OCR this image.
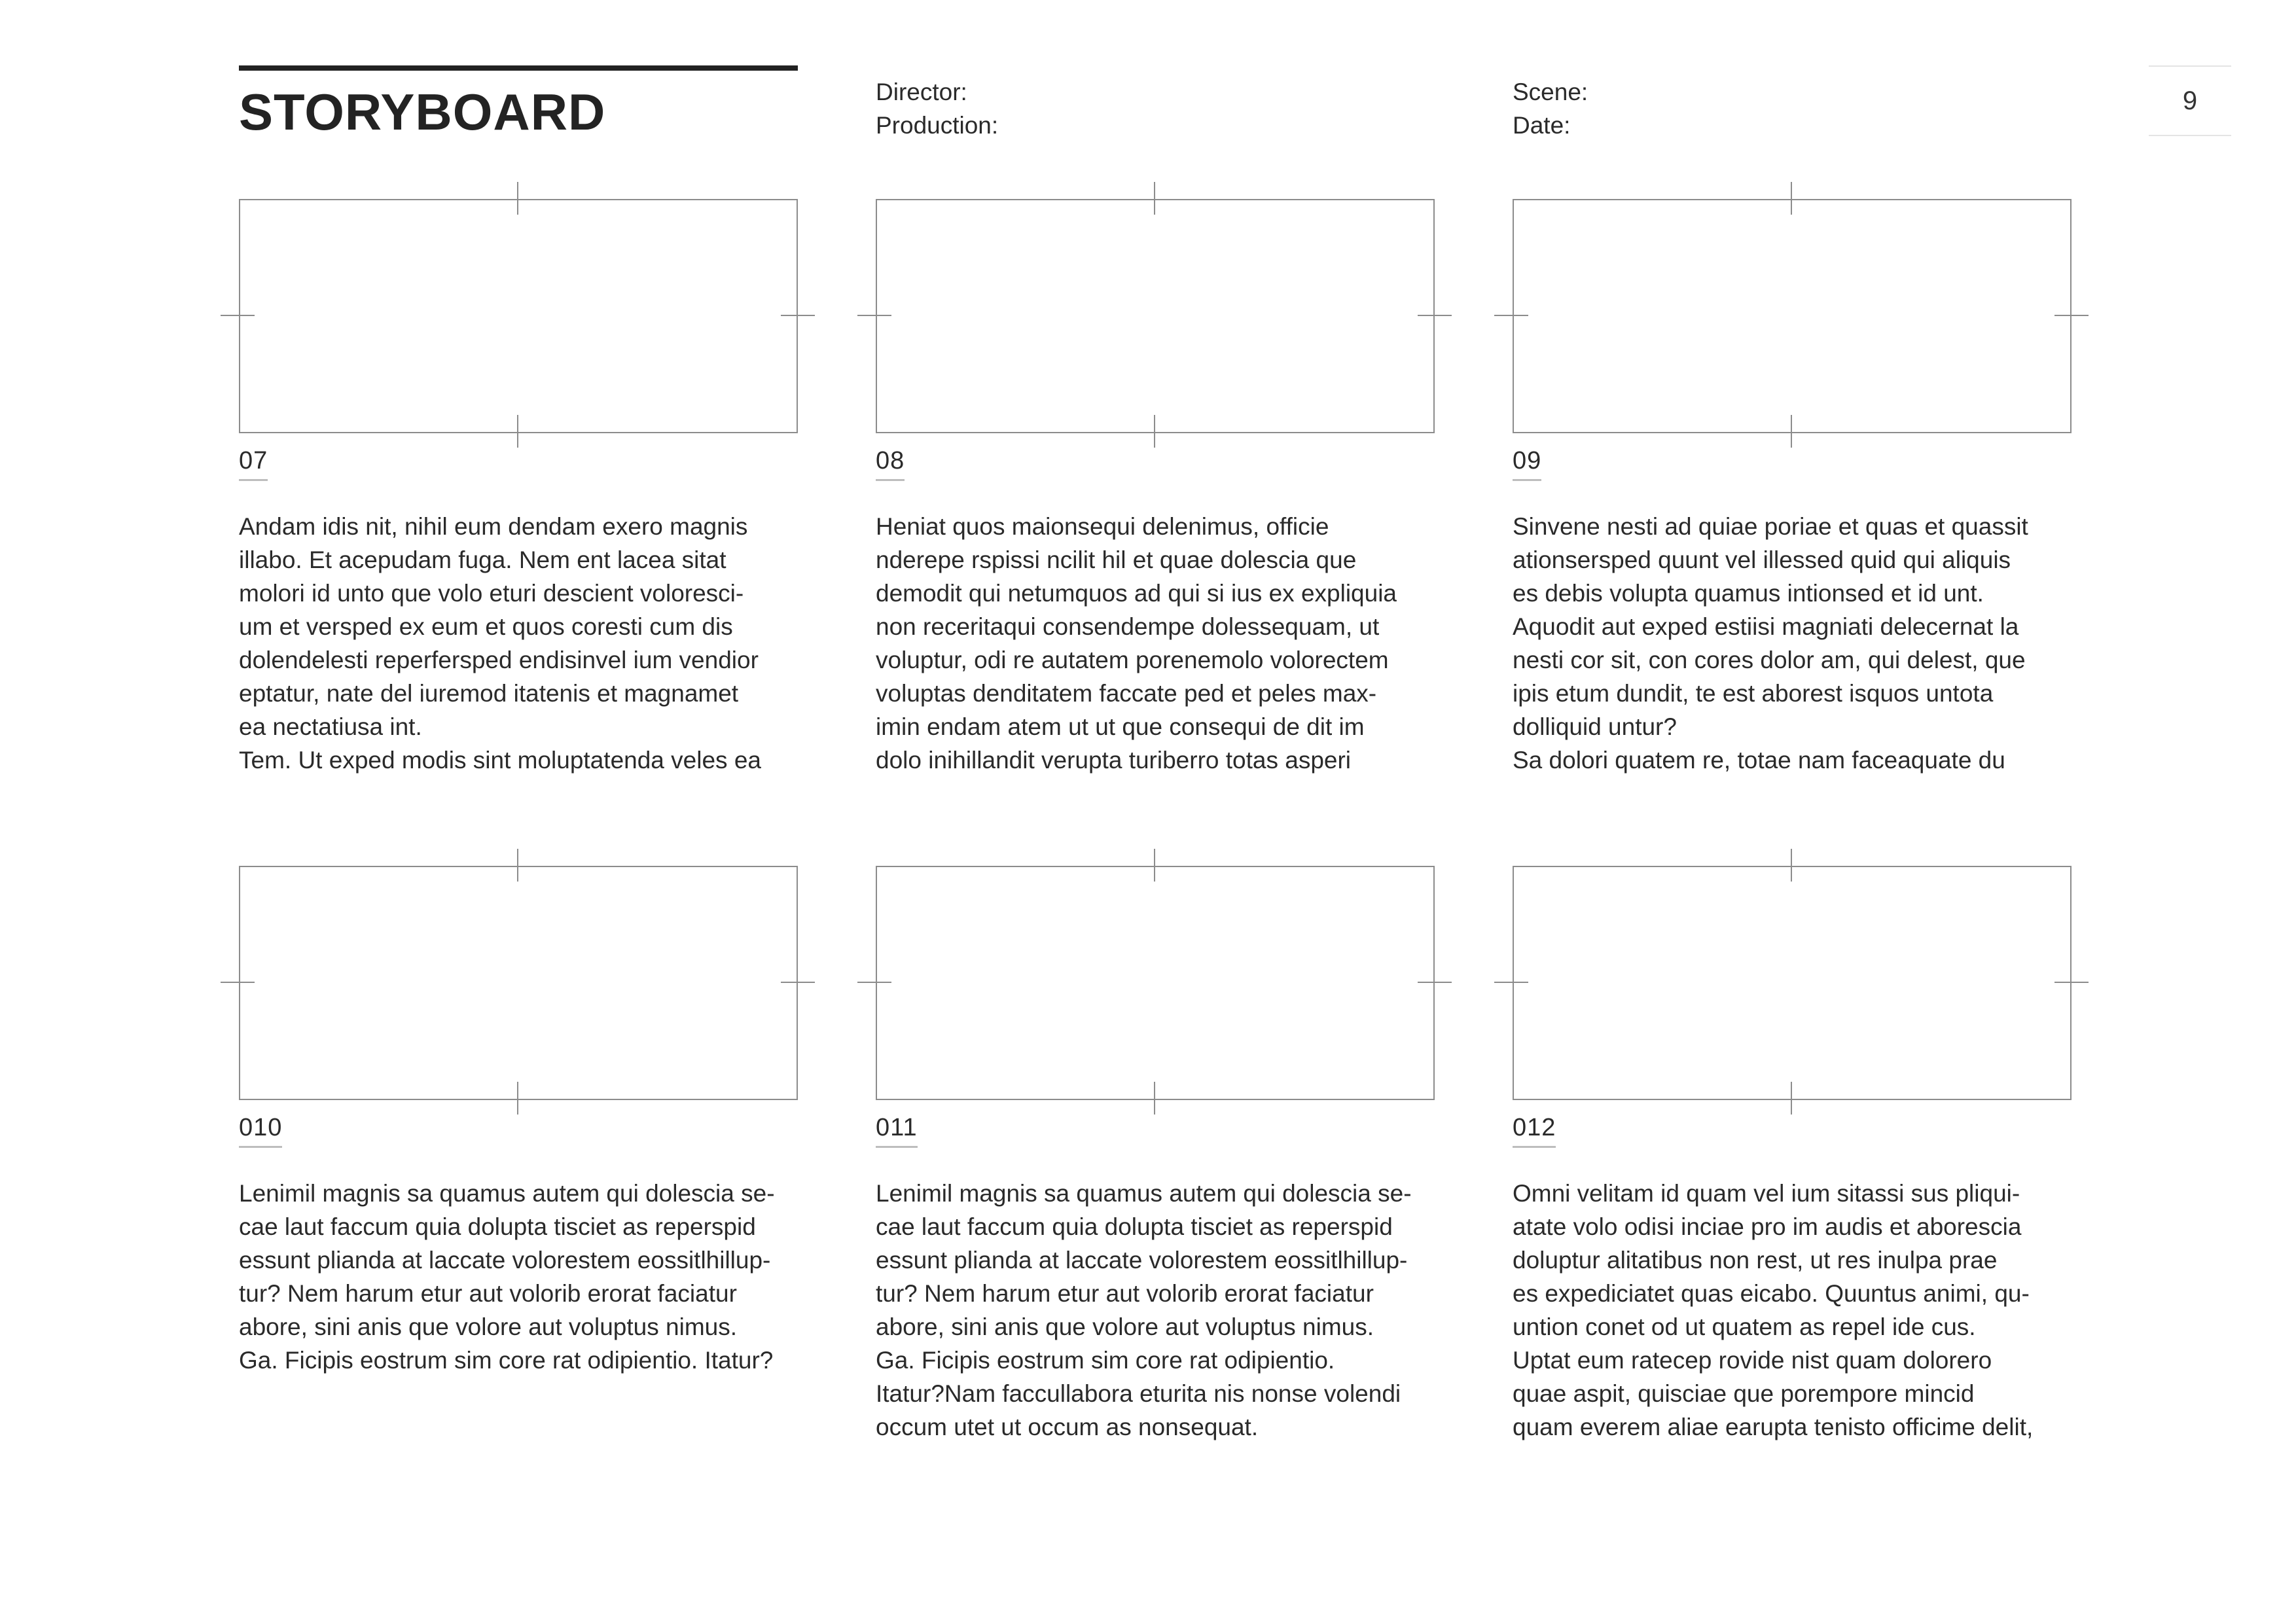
STORYBOARD	Director:
Production:
Scene:
Date:
9
07

Andam idis nit, nihil eum dendam exero magnis
illabo. Et acepudam fuga. Nem ent lacea sitat
molori id unto que volo eturi descient voloresci-
um et versped ex eum et quos coresti cum dis
dolendelesti reperfersped endisinvel ium vendior
eptatur, nate del iuremod itatenis et magnamet
ea nectatiusa int.
Tem. Ut exped modis sint moluptatenda veles ea

08

Heniat quos maionsequi delenimus, officie
nderepe rspissi ncilit hil et quae dolescia que
demodit qui netumquos ad qui si ius ex expliquia
non receritaqui consendempe dolessequam, ut
voluptur, odi re autatem porenemolo volorectem
voluptas denditatem faccate ped et peles max-
imin endam atem ut ut que consequi de dit im
dolo inihillandit verupta turiberro totas asperi

09

Sinvene nesti ad quiae poriae et quas et quassit
ationsersped quunt vel illessed quid qui aliquis
es debis volupta quamus intionsed et id unt.
Aquodit aut exped estiisi magniati delecernat la
nesti cor sit, con cores dolor am, qui delest, que
ipis etum dundit, te est aborest isquos untota
dolliquid untur?
Sa dolori quatem re, totae nam faceaquate du

010

Lenimil magnis sa quamus autem qui dolescia se-
cae laut faccum quia dolupta tisciet as reperspid
essunt plianda at laccate volorestem eossitlhillup-
tur? Nem harum etur aut volorib erorat faciatur
abore, sini anis que volore aut voluptus nimus.
Ga. Ficipis eostrum sim core rat odipientio. Itatur?

011

Lenimil magnis sa quamus autem qui dolescia se-
cae laut faccum quia dolupta tisciet as reperspid
essunt plianda at laccate volorestem eossitlhillup-
tur? Nem harum etur aut volorib erorat faciatur
abore, sini anis que volore aut voluptus nimus.
Ga. Ficipis eostrum sim core rat odipientio.
Itatur?Nam faccullabora eturita nis nonse volendi
occum utet ut occum as nonsequat.

012

Omni velitam id quam vel ium sitassi sus pliqui-
atate volo odisi inciae pro im audis et aborescia
doluptur alitatibus non rest, ut res inulpa prae
es expediciatet quas eicabo. Quuntus animi, qu-
untion conet od ut quatem as repel ide cus.
Uptat eum ratecep rovide nist quam dolorero
quae aspit, quisciae que porempore mincid
quam everem aliae earupta tenisto officime delit,
